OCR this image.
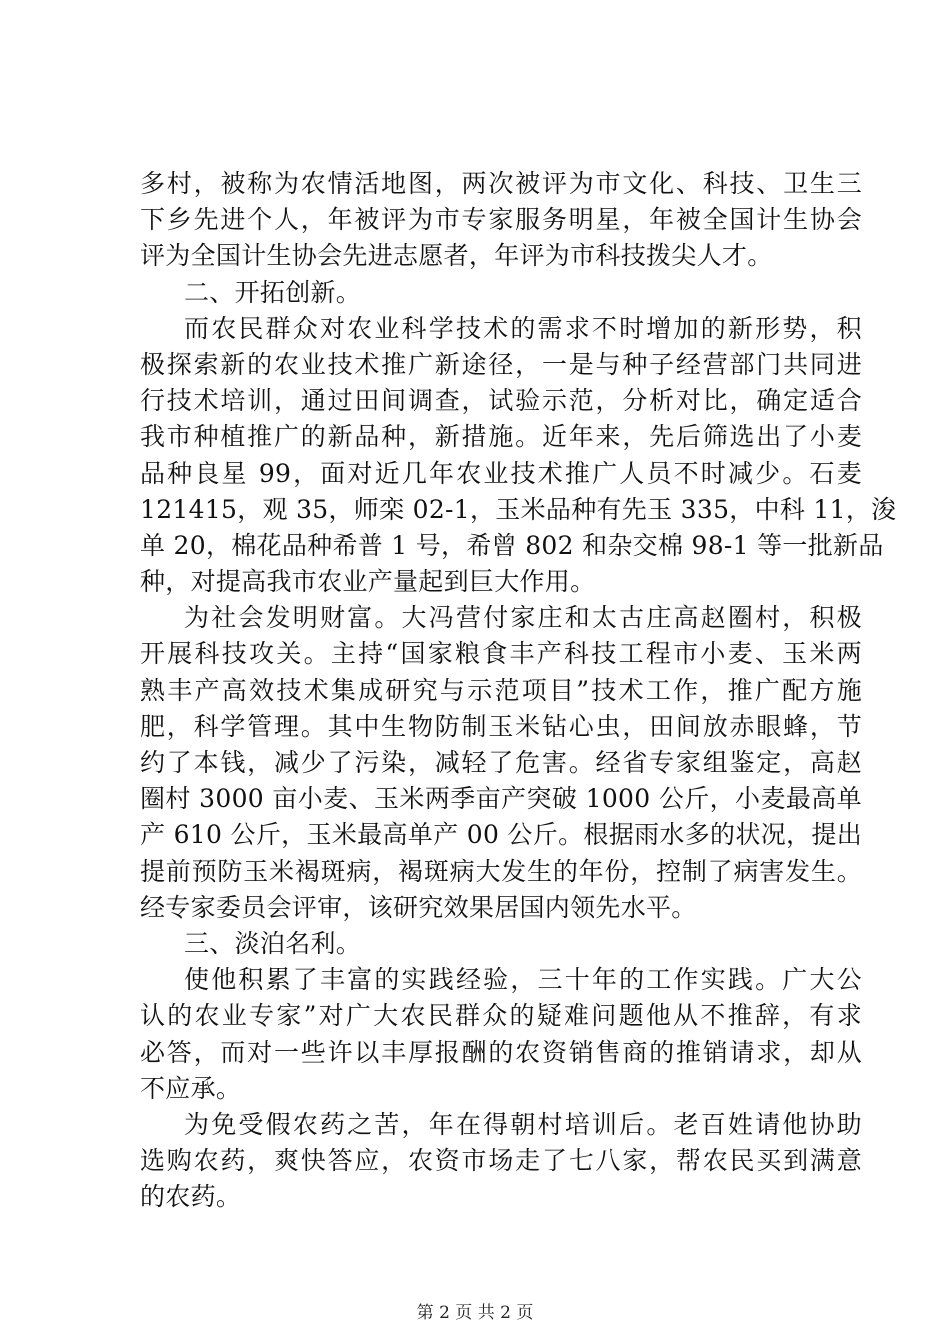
多村，被称为农情活地图，两次被评为市文化、科技、卫生三
下乡先进个人，年被评为市专家服务明星，年被全国计生协会
评为全国计生协会先进志愿者，年评为市科技拨尖人才。
二、开拓创新。
而农民群众对农业科学技术的需求不时增加的新形势，积
极探索新的农业技术推广新途径，一是与种子经营部门共同进
行技术培训，通过田间调查，试验示范，分析对比，确定适合
我市种植推广的新品种，新措施。近年来，先后筛选出了小麦
品种良星 99，面对近几年农业技术推广人员不时减少。石麦
121415，观 35，师栾 02-1，玉米品种有先玉 335，中科 11，浚
单 20，棉花品种希普 1 号，希曾 802 和杂交棉 98-1 等一批新品
种，对提高我市农业产量起到巨大作用。
为社会发明财富。大冯营付家庄和太古庄高赵圈村，积极
开展科技攻关。主持“国家粮食丰产科技工程市小麦、玉米两
熟丰产高效技术集成研究与示范项目”技术工作，推广配方施
肥，科学管理。其中生物防制玉米钻心虫，田间放赤眼蜂，节
约了本钱，减少了污染，减轻了危害。经省专家组鉴定，高赵
圈村 3000 亩小麦、玉米两季亩产突破 1000 公斤，小麦最高单
产 610 公斤，玉米最高单产 00 公斤。根据雨水多的状况，提出
提前预防玉米褐斑病，褐斑病大发生的年份，控制了病害发生。
经专家委员会评审，该研究效果居国内领先水平。
三、淡泊名利。
使他积累了丰富的实践经验，三十年的工作实践。广大公
认的农业专家”对广大农民群众的疑难问题他从不推辞，有求
必答，而对一些许以丰厚报酬的农资销售商的推销请求，却从
不应承。
为免受假农药之苦，年在得朝村培训后。老百姓请他协助
选购农药，爽快答应，农资市场走了七八家，帮农民买到满意
的农药。
第 2 页 共 2 页
